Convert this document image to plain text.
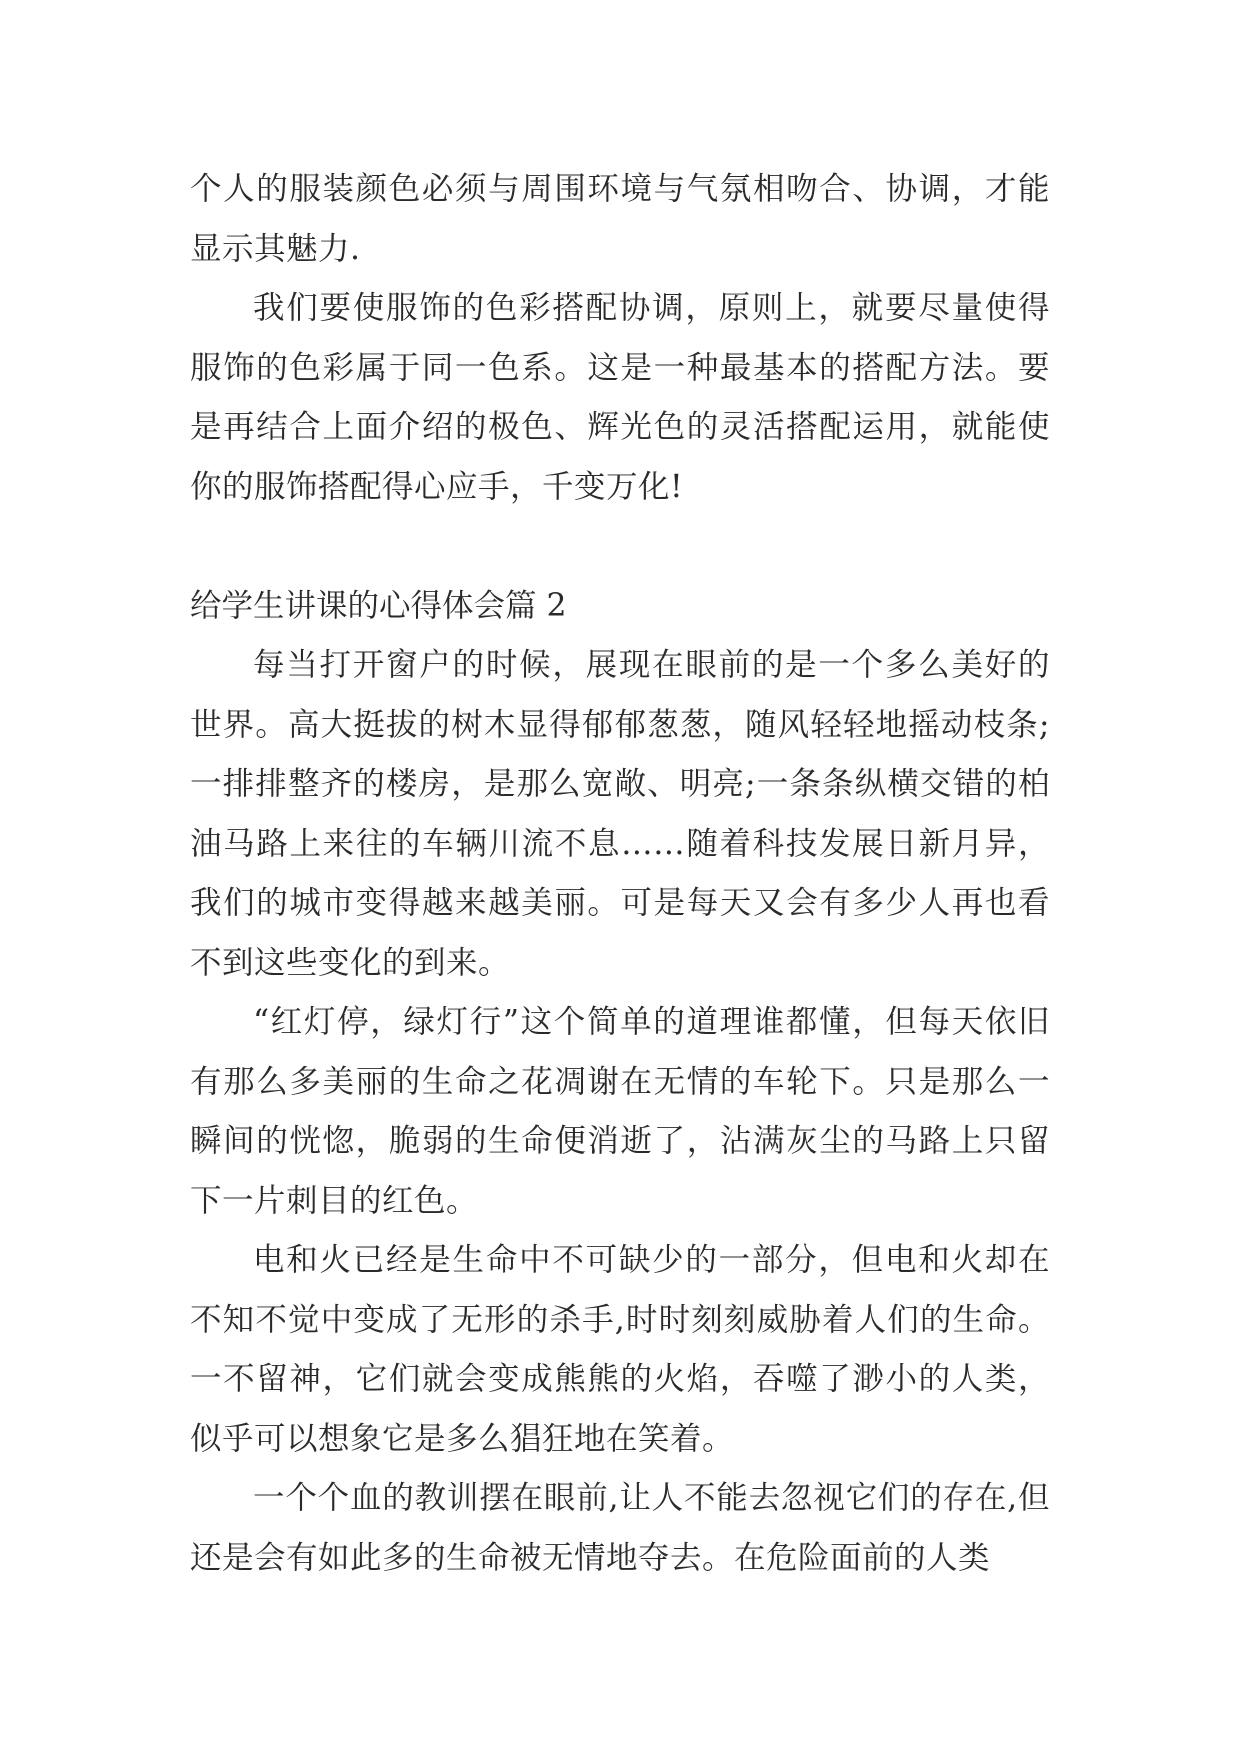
个人的服装颜色必须与周围环境与气氛相吻合、协调，才能显示其魅力.

我们要使服饰的色彩搭配协调，原则上，就要尽量使得服饰的色彩属于同一色系。这是一种最基本的搭配方法。要是再结合上面介绍的极色、辉光色的灵活搭配运用，就能使你的服饰搭配得心应手，千变万化!

给学生讲课的心得体会篇 2

每当打开窗户的时候，展现在眼前的是一个多么美好的世界。高大挺拔的树木显得郁郁葱葱，随风轻轻地摇动枝条;一排排整齐的楼房，是那么宽敞、明亮;一条条纵横交错的柏油马路上来往的车辆川流不息……随着科技发展日新月异，我们的城市变得越来越美丽。可是每天又会有多少人再也看不到这些变化的到来。

“红灯停，绿灯行”这个简单的道理谁都懂，但每天依旧有那么多美丽的生命之花凋谢在无情的车轮下。只是那么一瞬间的恍惚，脆弱的生命便消逝了，沾满灰尘的马路上只留下一片刺目的红色。

电和火已经是生命中不可缺少的一部分，但电和火却在不知不觉中变成了无形的杀手,时时刻刻威胁着人们的生命。一不留神，它们就会变成熊熊的火焰，吞噬了渺小的人类，似乎可以想象它是多么猖狂地在笑着。

一个个血的教训摆在眼前,让人不能去忽视它们的存在,但还是会有如此多的生命被无情地夺去。在危险面前的人类
